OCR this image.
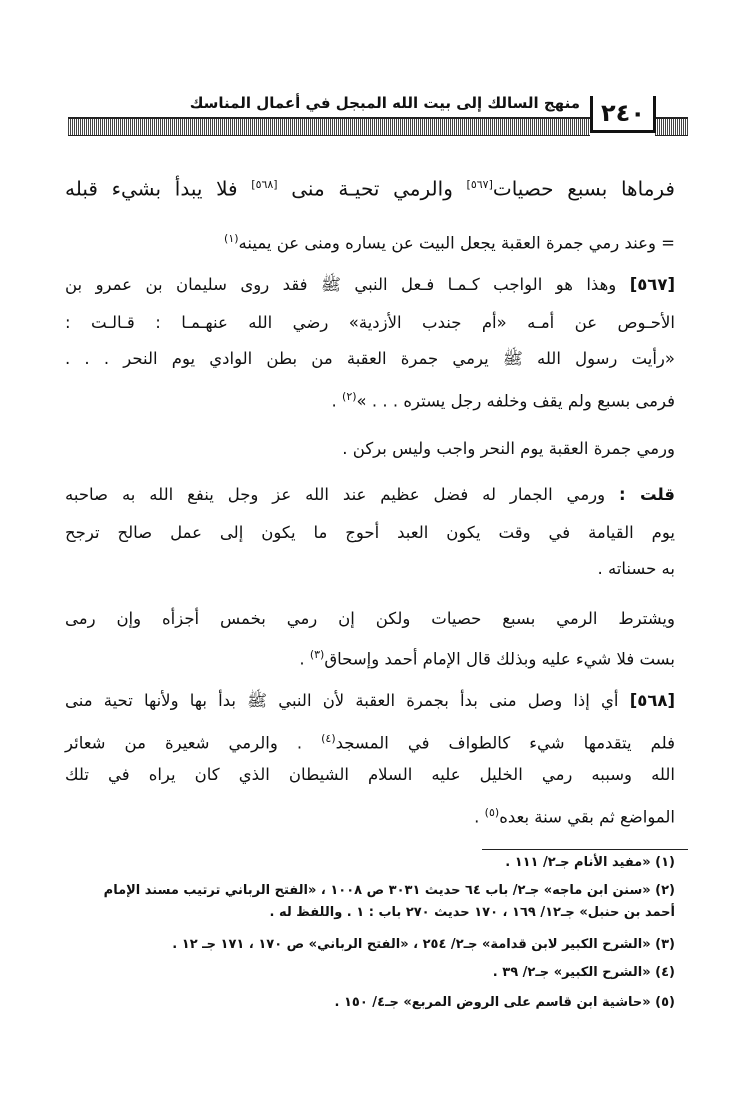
منهج السالك إلى بيت الله المبجل في أعمال المناسك ٢٤٠
فرماها بسبع حصيات[٥٦٧] والرمي تحيـة منى [٥٦٨] فلا يبدأ بشيء قبله
= وعند رمي جمرة العقبة يجعل البيت عن يساره ومنى عن يمينه$^{(١)}$
[٥٦٧] وهذا هو الواجب كـمـا فـعل النبي ﷺ فقد روى سليمان بن عمرو بن
الأحـوص عن أمـه «أم جندب الأزدية» رضي الله عنهـمـا : قـالـت :
«رأيت رسول الله ﷺ يرمي جمرة العقبة من بطن الوادي يوم النحر . . .
فرمى بسبع ولم يقف وخلفه رجل يستره . . . »$^{(٢)}$ .
ورمي جمرة العقبة يوم النحر واجب وليس بركن .
قلت : ورمي الجمار له فضل عظيم عند الله عز وجل ينفع الله به صاحبه
يوم القيامة في وقت يكون العبد أحوج ما يكون إلى عمل صالح ترجح
به حسناته .
ويشترط الرمي بسبع حصيات ولكن إن رمي بخمس أجزأه وإن رمى
بست فلا شيء عليه وبذلك قال الإمام أحمد وإسحاق$^{(٣)}$ .
[٥٦٨] أي إذا وصل منى بدأ بجمرة العقبة لأن النبي ﷺ بدأ بها ولأنها تحية منى
فلم يتقدمها شيء كالطواف في المسجد$^{(٤)}$ . والرمي شعيرة من شعائر
الله وسببه رمي الخليل عليه السلام الشيطان الذي كان يراه في تلك
المواضع ثم بقي سنة بعده$^{(٥)}$ .
(١) «مفيد الأنام جـ٢/ ١١١ .
(٢) «سنن ابن ماجه» جـ٢/ باب ٦٤ حديث ٣٠٣١ ص ١٠٠٨ ، «الفتح الرباني ترتيب مسند الإمام
أحمد بن حنبل» جـ١٢/ ١٦٩ ، ١٧٠ حديث ٢٧٠ باب : ١ . واللفظ له .
(٣) «الشرح الكبير لابن قدامة» جـ٢/ ٢٥٤ ، «الفتح الرباني» ص ١٧٠ ، ١٧١ جـ ١٢ .
(٤) «الشرح الكبير» جـ٢/ ٣٩ .
(٥) «حاشية ابن قاسم على الروض المربع» جـ٤/ ١٥٠ .
